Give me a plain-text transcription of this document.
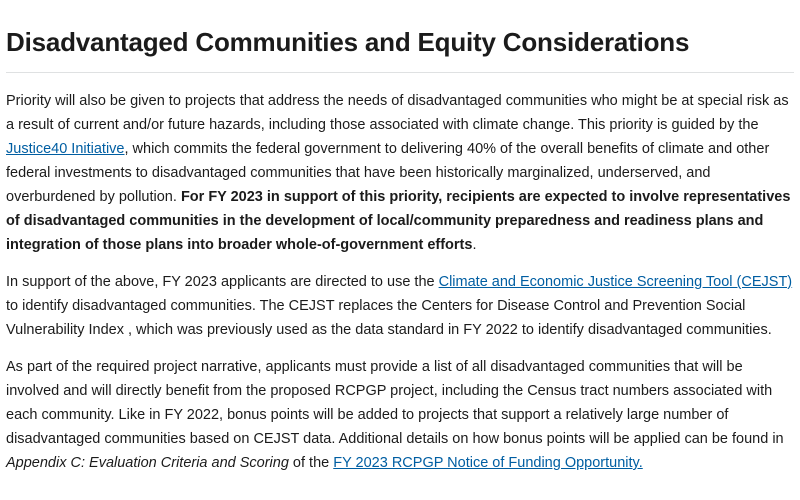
Disadvantaged Communities and Equity Considerations

Priority will also be given to projects that address the needs of disadvantaged communities who might be at special risk as a result of current and/or future hazards, including those associated with climate change. This priority is guided by the Justice40 Initiative, which commits the federal government to delivering 40% of the overall benefits of climate and other federal investments to disadvantaged communities that have been historically marginalized, underserved, and overburdened by pollution. For FY 2023 in support of this priority, recipients are expected to involve representatives of disadvantaged communities in the development of local/community preparedness and readiness plans and integration of those plans into broader whole-of-government efforts.

In support of the above, FY 2023 applicants are directed to use the Climate and Economic Justice Screening Tool (CEJST) to identify disadvantaged communities. The CEJST replaces the Centers for Disease Control and Prevention Social Vulnerability Index , which was previously used as the data standard in FY 2022 to identify disadvantaged communities.

As part of the required project narrative, applicants must provide a list of all disadvantaged communities that will be involved and will directly benefit from the proposed RCPGP project, including the Census tract numbers associated with each community. Like in FY 2022, bonus points will be added to projects that support a relatively large number of disadvantaged communities based on CEJST data. Additional details on how bonus points will be applied can be found in Appendix C: Evaluation Criteria and Scoring of the FY 2023 RCPGP Notice of Funding Opportunity.
